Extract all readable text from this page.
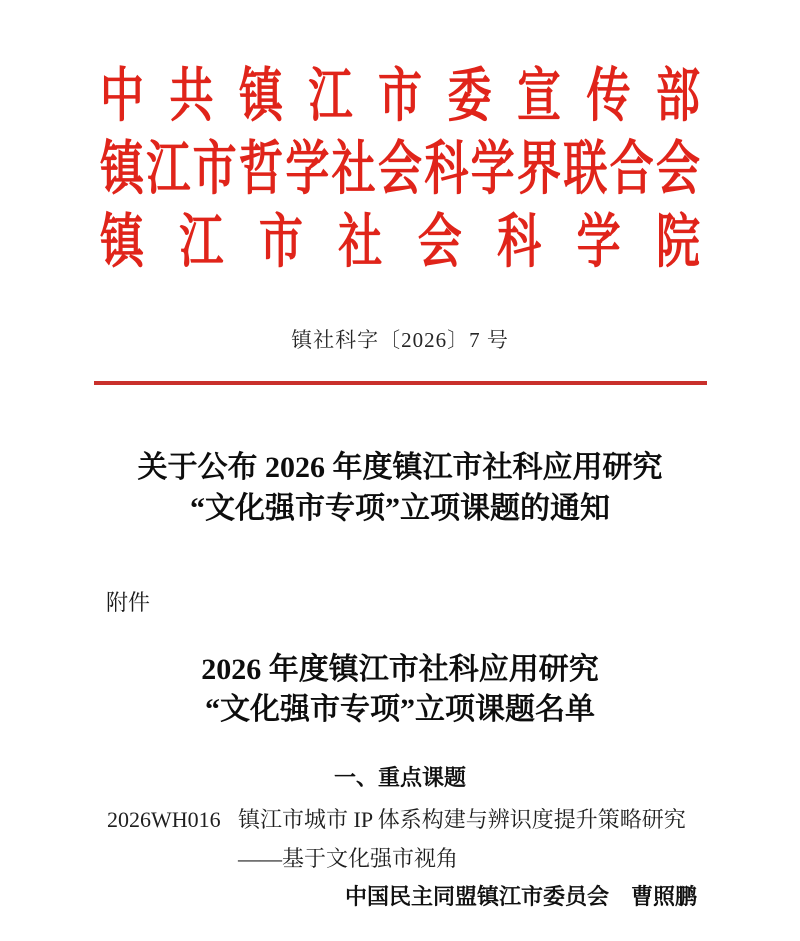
中共镇江市委宣传部
镇江市哲学社会科学界联合会
镇江市社会科学院
镇社科字〔2026〕7 号
关于公布 2026 年度镇江市社科应用研究
“文化强市专项”立项课题的通知
附件
2026 年度镇江市社科应用研究
“文化强市专项”立项课题名单
一、重点课题
2026WH016 镇江市城市 IP 体系构建与辨识度提升策略研究
——基于文化强市视角
中国民主同盟镇江市委员会　曹照鹏
